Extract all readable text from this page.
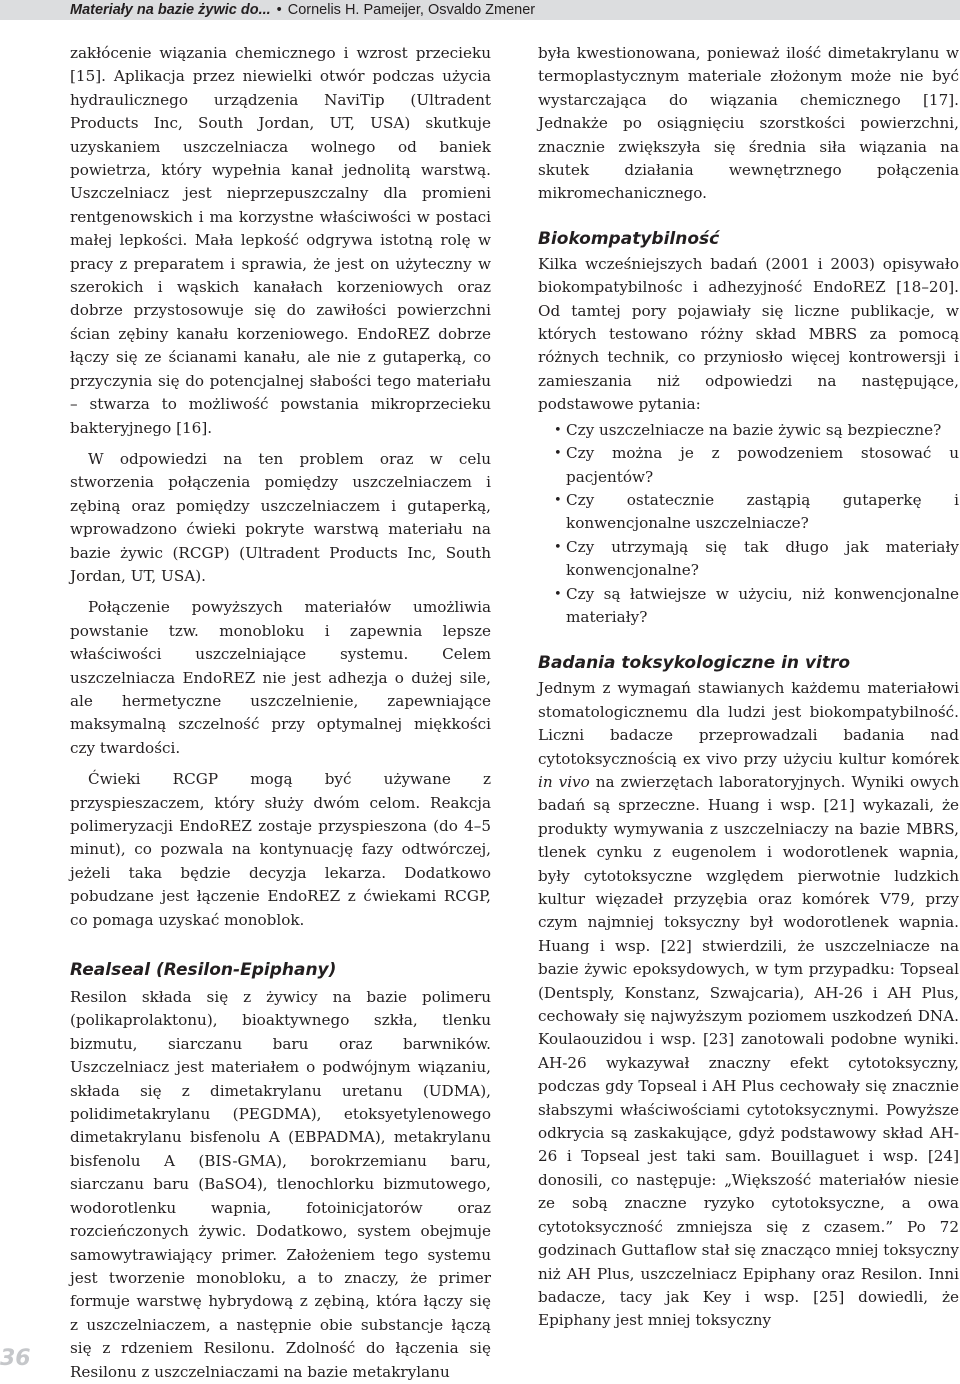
Materiały na bazie żywic do... • Cornelis H. Pameijer, Osvaldo Zmener

zakłócenie wiązania chemicznego i wzrost przecieku [15]. Aplikacja przez niewielki otwór podczas użycia hydraulicznego urządzenia NaviTip (Ultradent Products Inc, South Jordan, UT, USA) skutkuje uzyskaniem uszczelniacza wolnego od baniek powietrza, który wypełnia kanał jednolitą warstwą. Uszczelniacz jest nieprzepuszczalny dla promieni rentgenowskich i ma korzystne właściwości w postaci małej lepkości. Mała lepkość odgrywa istotną rolę w pracy z preparatem i sprawia, że jest on użyteczny w szerokich i wąskich kanałach korzeniowych oraz dobrze przystosowuje się do zawiłości powierzchni ścian zębiny kanału korzeniowego. EndoREZ dobrze łączy się ze ścianami kanału, ale nie z gutaperką, co przyczynia się do potencjalnej słabości tego materiału – stwarza to możliwość powstania mikroprzecieku bakteryjnego [16].

W odpowiedzi na ten problem oraz w celu stworzenia połączenia pomiędzy uszczelniaczem i zębiną oraz pomiędzy uszczelniaczem i gutaperką, wprowadzono ćwieki pokryte warstwą materiału na bazie żywic (RCGP) (Ultradent Products Inc, South Jordan, UT, USA).

Połączenie powyższych materiałów umożliwia powstanie tzw. monobloku i zapewnia lepsze właściwości uszczelniające systemu. Celem uszczelniacza EndoREZ nie jest adhezja o dużej sile, ale hermetyczne uszczelnienie, zapewniające maksymalną szczelność przy optymalnej miękkości czy twardości.

Ćwieki RCGP mogą być używane z przyspieszaczem, który służy dwóm celom. Reakcja polimeryzacji EndoREZ zostaje przyspieszona (do 4–5 minut), co pozwala na kontynuację fazy odtwórczej, jeżeli taka będzie decyzja lekarza. Dodatkowo pobudzane jest łączenie EndoREZ z ćwiekami RCGP, co pomaga uzyskać monoblok.

Realseal (Resilon-Epiphany)

Resilon składa się z żywicy na bazie polimeru (polikaprolaktonu), bioaktywnego szkła, tlenku bizmutu, siarczanu baru oraz barwników. Uszczelniacz jest materiałem o podwójnym wiązaniu, składa się z dimetakrylanu uretanu (UDMA), polidimetakrylanu (PEGDMA), etoksyetylenowego dimetakrylanu bisfenolu A (EBPADMA), metakrylanu bisfenolu A (BIS-GMA), borokrzemianu baru, siarczanu baru (BaSO4), tlenochlorku bizmutowego, wodorotlenku wapnia, fotoinicjatorów oraz rozcieńczonych żywic. Dodatkowo, system obejmuje samowytrawiający primer. Założeniem tego systemu jest tworzenie monobloku, a to znaczy, że primer formuje warstwę hybrydową z zębiną, która łączy się z uszczelniaczem, a następnie obie substancje łączą się z rdzeniem Resilonu. Zdolność do łączenia się Resilonu z uszczelniaczami na bazie metakrylanu

była kwestionowana, ponieważ ilość dimetakrylanu w termoplastycznym materiale złożonym może nie być wystarczająca do wiązania chemicznego [17]. Jednakże po osiągnięciu szorstkości powierzchni, znacznie zwiększyła się średnia siła wiązania na skutek działania wewnętrznego połączenia mikromechanicznego.

Biokompatybilność

Kilka wcześniejszych badań (2001 i 2003) opisywało biokompatybilnośc i adhezyjność EndoREZ [18–20]. Od tamtej pory pojawiały się liczne publikacje, w których testowano różny skład MBRS za pomocą różnych technik, co przyniosło więcej kontrowersji i zamieszania niż odpowiedzi na następujące, podstawowe pytania:

• Czy uszczelniacze na bazie żywic są bezpieczne?
• Czy można je z powodzeniem stosować u pacjentów?
• Czy ostatecznie zastąpią gutaperkę i konwencjonalne uszczelniacze?
• Czy utrzymają się tak długo jak materiały konwencjonalne?
• Czy są łatwiejsze w użyciu, niż konwencjonalne materiały?
Badania toksykologiczne in vitro

Jednym z wymagań stawianych każdemu materiałowi stomatologicznemu dla ludzi jest biokompatybilność. Liczni badacze przeprowadzali badania nad cytotoksycznością ex vivo przy użyciu kultur komórek in vivo na zwierzętach laboratoryjnych. Wyniki owych badań są sprzeczne. Huang i wsp. [21] wykazali, że produkty wymywania z uszczelniaczy na bazie MBRS, tlenek cynku z eugenolem i wodorotlenek wapnia, były cytotoksyczne względem pierwotnie ludzkich kultur więzadeł przyzębia oraz komórek V79, przy czym najmniej toksyczny był wodorotlenek wapnia. Huang i wsp. [22] stwierdzili, że uszczelniacze na bazie żywic epoksydowych, w tym przypadku: Topseal (Dentsply, Konstanz, Szwajcaria), AH-26 i AH Plus, cechowały się najwyższym poziomem uszkodzeń DNA. Koulaouzidou i wsp. [23] zanotowali podobne wyniki. AH-26 wykazywał znaczny efekt cytotoksyczny, podczas gdy Topseal i AH Plus cechowały się znacznie słabszymi właściwościami cytotoksycznymi. Powyższe odkrycia są zaskakujące, gdyż podstawowy skład AH-26 i Topseal jest taki sam. Bouillaguet i wsp. [24] donosili, co następuje: „Większość materiałów niesie ze sobą znaczne ryzyko cytotoksyczne, a owa cytotoksyczność zmniejsza się z czasem.” Po 72 godzinach Guttaflow stał się znacząco mniej toksyczny niż AH Plus, uszczelniacz Epiphany oraz Resilon. Inni badacze, tacy jak Key i wsp. [25] dowiedli, że Epiphany jest mniej toksyczny

36
